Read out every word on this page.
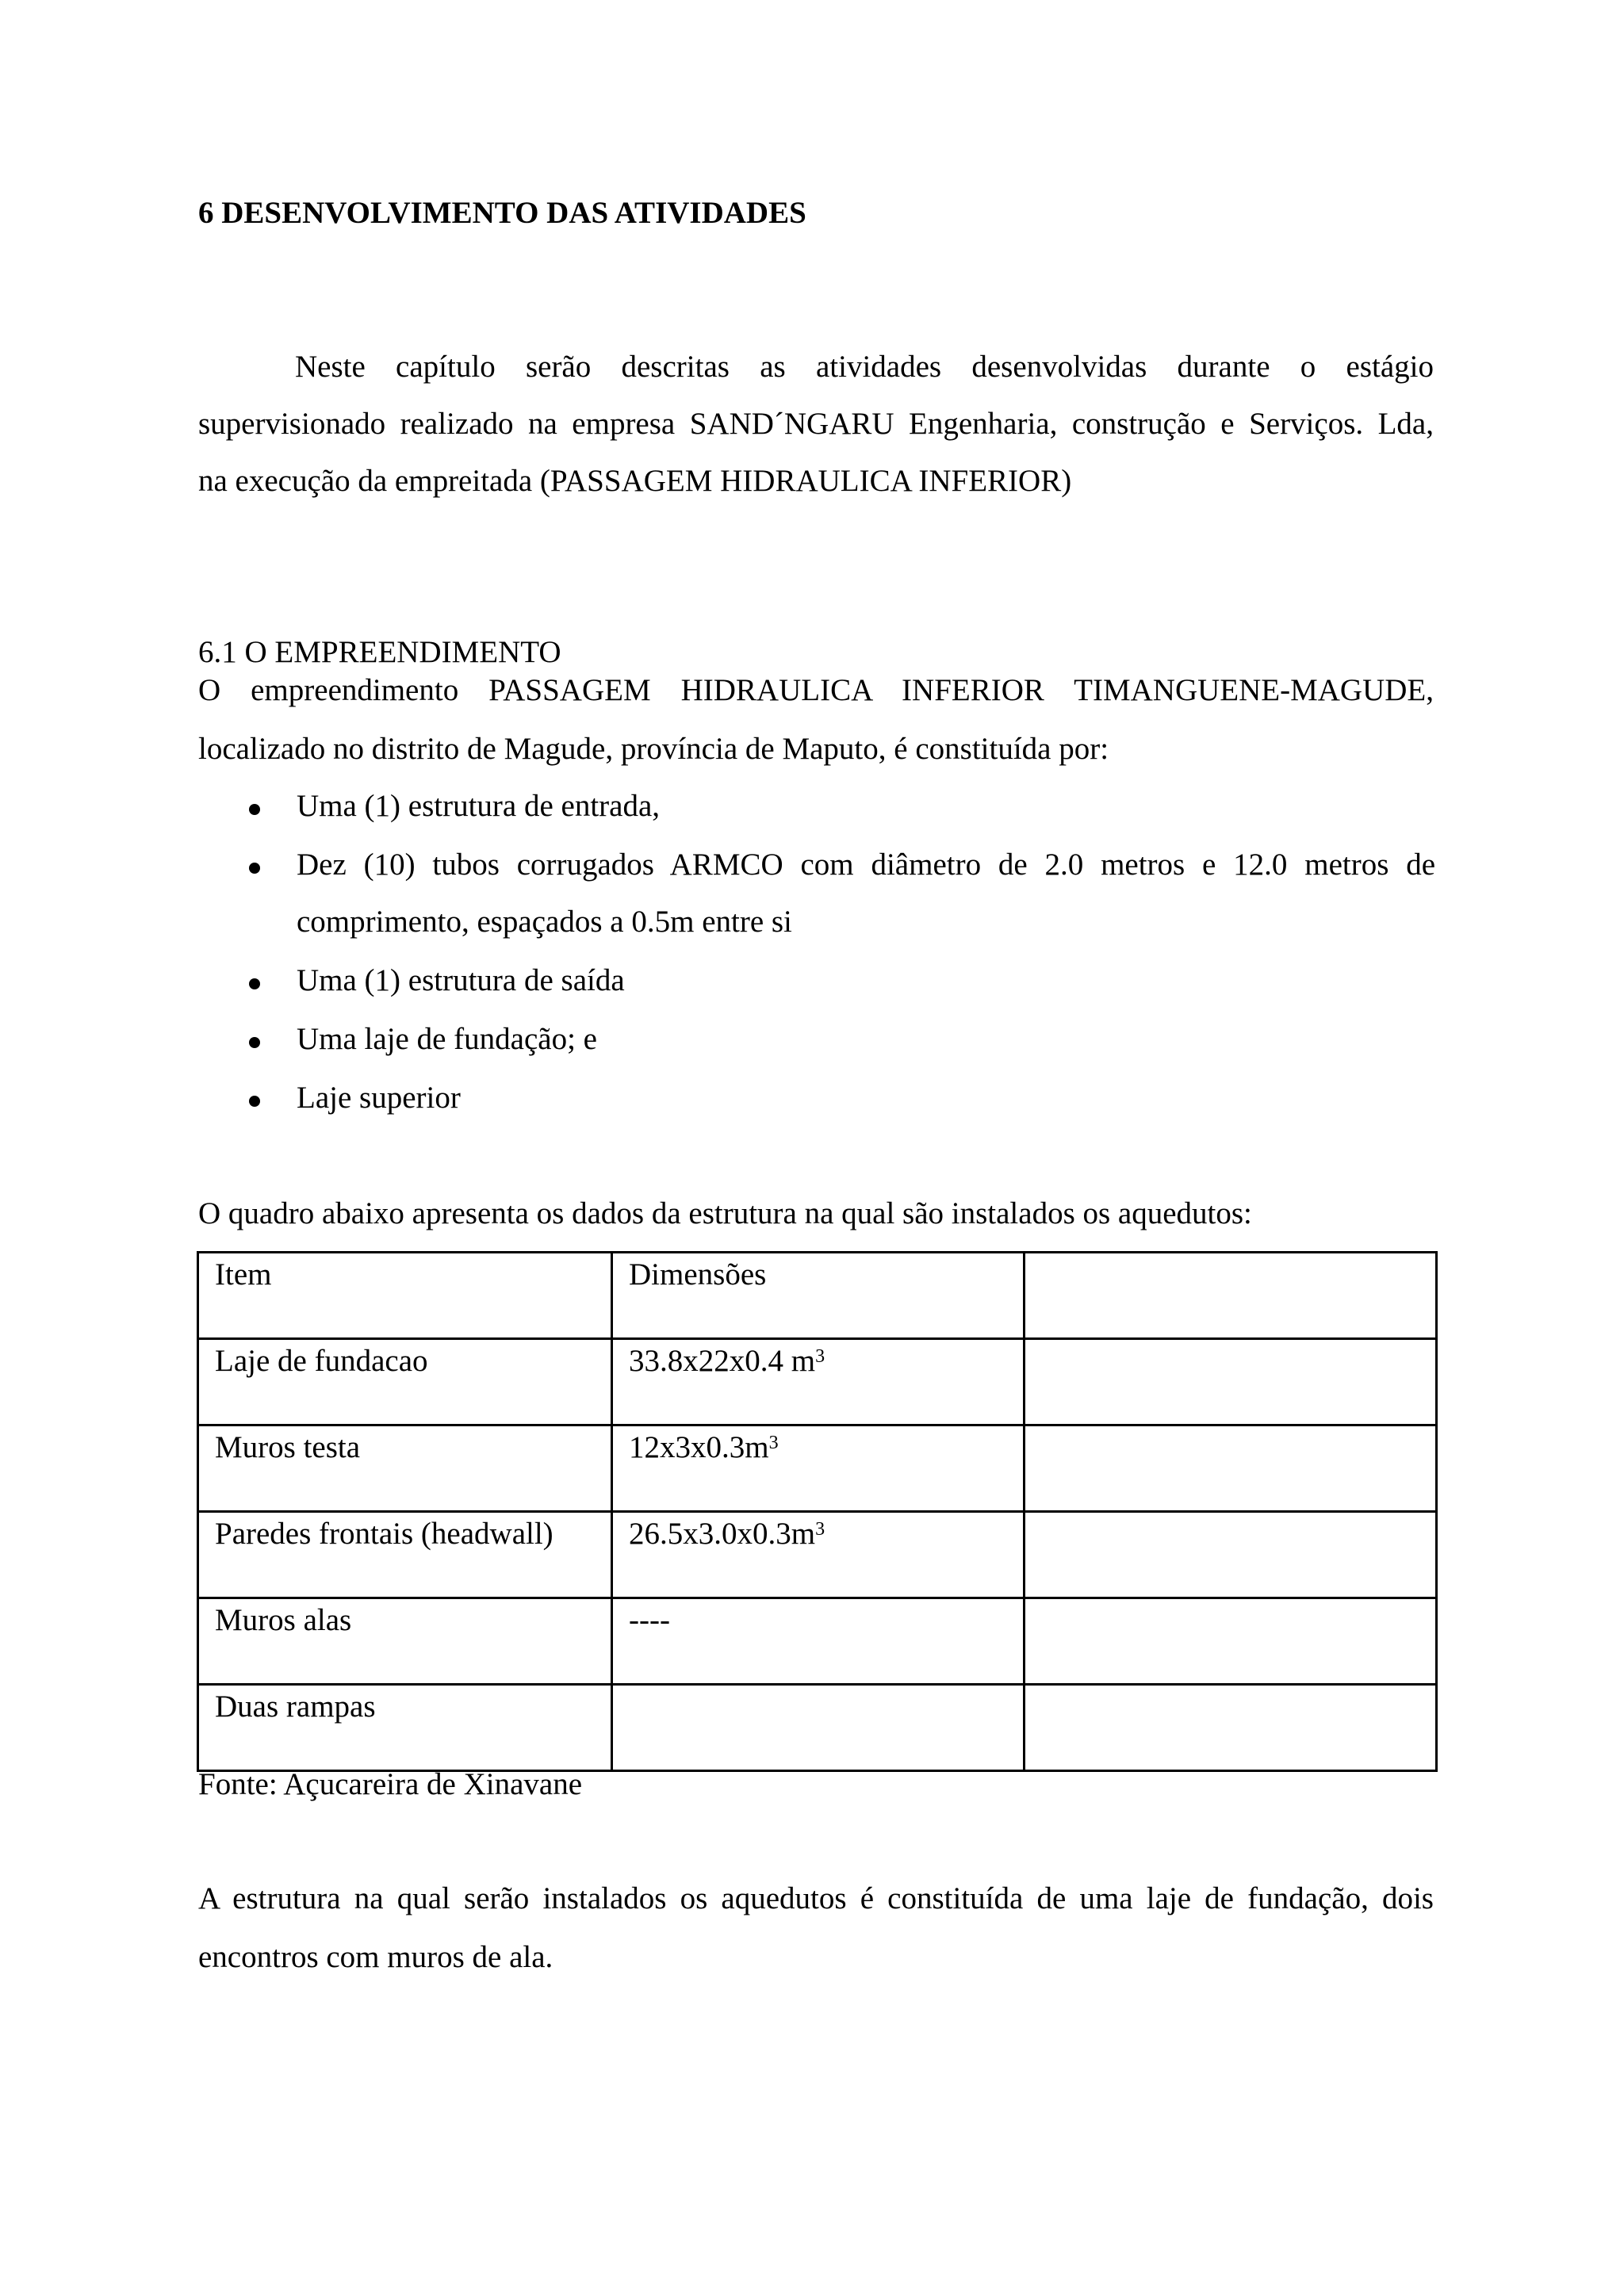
6 DESENVOLVIMENTO DAS ATIVIDADES
Neste capítulo serão descritas as atividades desenvolvidas durante o estágio
supervisionado realizado na empresa SAND´NGARU Engenharia, construção e Serviços. Lda,
na execução da empreitada (PASSAGEM HIDRAULICA INFERIOR)
6.1 O EMPREENDIMENTO
O empreendimento PASSAGEM HIDRAULICA INFERIOR TIMANGUENE-MAGUDE,
localizado no distrito de Magude, província de Maputo, é constituída por:
Uma (1) estrutura de entrada,
Dez (10) tubos corrugados ARMCO com diâmetro de 2.0 metros e 12.0 metros de
comprimento, espaçados a 0.5m entre si
Uma (1) estrutura de saída
Uma laje de fundação; e
Laje superior
O quadro abaixo apresenta os dados da estrutura na qual são instalados os aquedutos:
Item	Dimensões	
Laje de fundacao	33.8x22x0.4 $m^3$	
Muros testa	$12x3x0.3m^3$	
Paredes frontais (headwall)	$26.5x3.0x0.3m^3$	
Muros alas	----	
Duas rampas		
Fonte: Açucareira de Xinavane
A estrutura na qual serão instalados os aquedutos é constituída de uma laje de fundação, dois
encontros com muros de ala.
